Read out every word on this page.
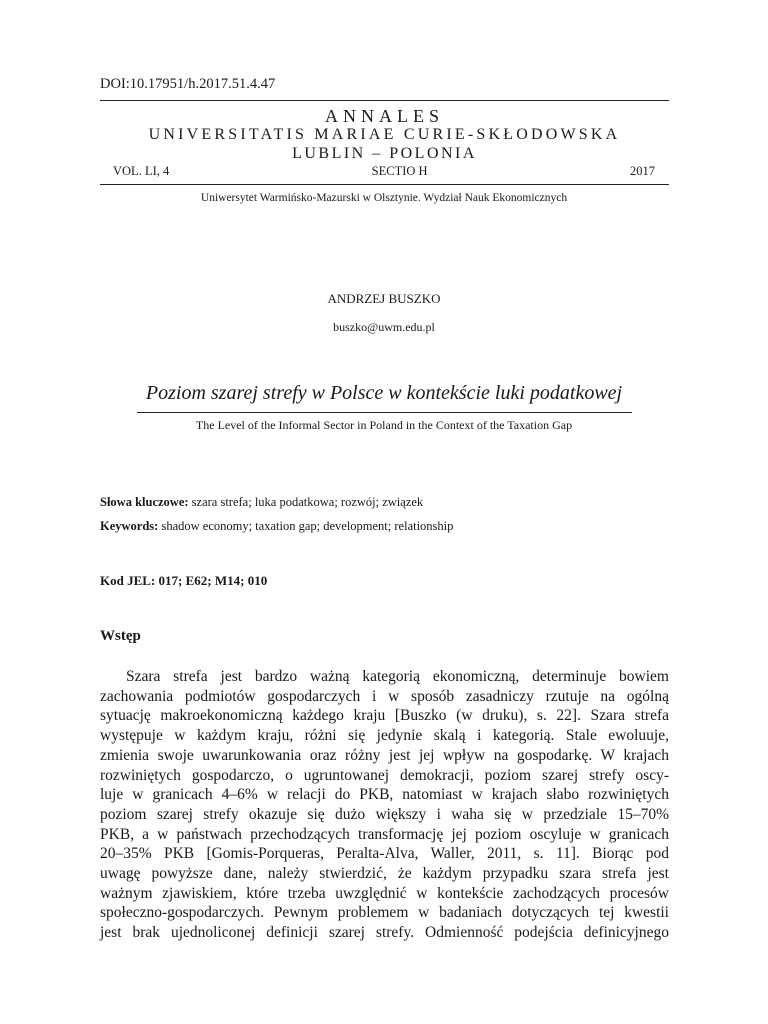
DOI:10.17951/h.2017.51.4.47
ANNALES
UNIVERSITATIS MARIAE CURIE-SKŁODOWSKA
LUBLIN – POLONIA
VOL. LI, 4	SECTIO H	2017
Uniwersytet Warmińsko-Mazurski w Olsztynie. Wydział Nauk Ekonomicznych
ANDRZEJ BUSZKO
buszko@uwm.edu.pl
Poziom szarej strefy w Polsce w kontekście luki podatkowej
The Level of the Informal Sector in Poland in the Context of the Taxation Gap
Słowa kluczowe: szara strefa; luka podatkowa; rozwój; związek
Keywords: shadow economy; taxation gap; development; relationship
Kod JEL: 017; E62; M14; 010
Wstęp
Szara strefa jest bardzo ważną kategorią ekonomiczną, determinuje bowiem
zachowania podmiotów gospodarczych i w sposób zasadniczy rzutuje na ogólną
sytuację makroekonomiczną każdego kraju [Buszko (w druku), s. 22]. Szara strefa
występuje w każdym kraju, różni się jedynie skalą i kategorią. Stale ewoluuje,
zmienia swoje uwarunkowania oraz różny jest jej wpływ na gospodarkę. W krajach
rozwiniętych gospodarczo, o ugruntowanej demokracji, poziom szarej strefy oscy-
luje w granicach 4–6% w relacji do PKB, natomiast w krajach słabo rozwiniętych
poziom szarej strefy okazuje się dużo większy i waha się w przedziale 15–70%
PKB, a w państwach przechodzących transformację jej poziom oscyluje w granicach
20–35% PKB [Gomis-Porqueras, Peralta-Alva, Waller, 2011, s. 11]. Biorąc pod
uwagę powyższe dane, należy stwierdzić, że każdym przypadku szara strefa jest
ważnym zjawiskiem, które trzeba uwzględnić w kontekście zachodzących procesów
społeczno-gospodarczych. Pewnym problemem w badaniach dotyczących tej kwestii
jest brak ujednoliconej definicji szarej strefy. Odmienność podejścia definicyjnego
